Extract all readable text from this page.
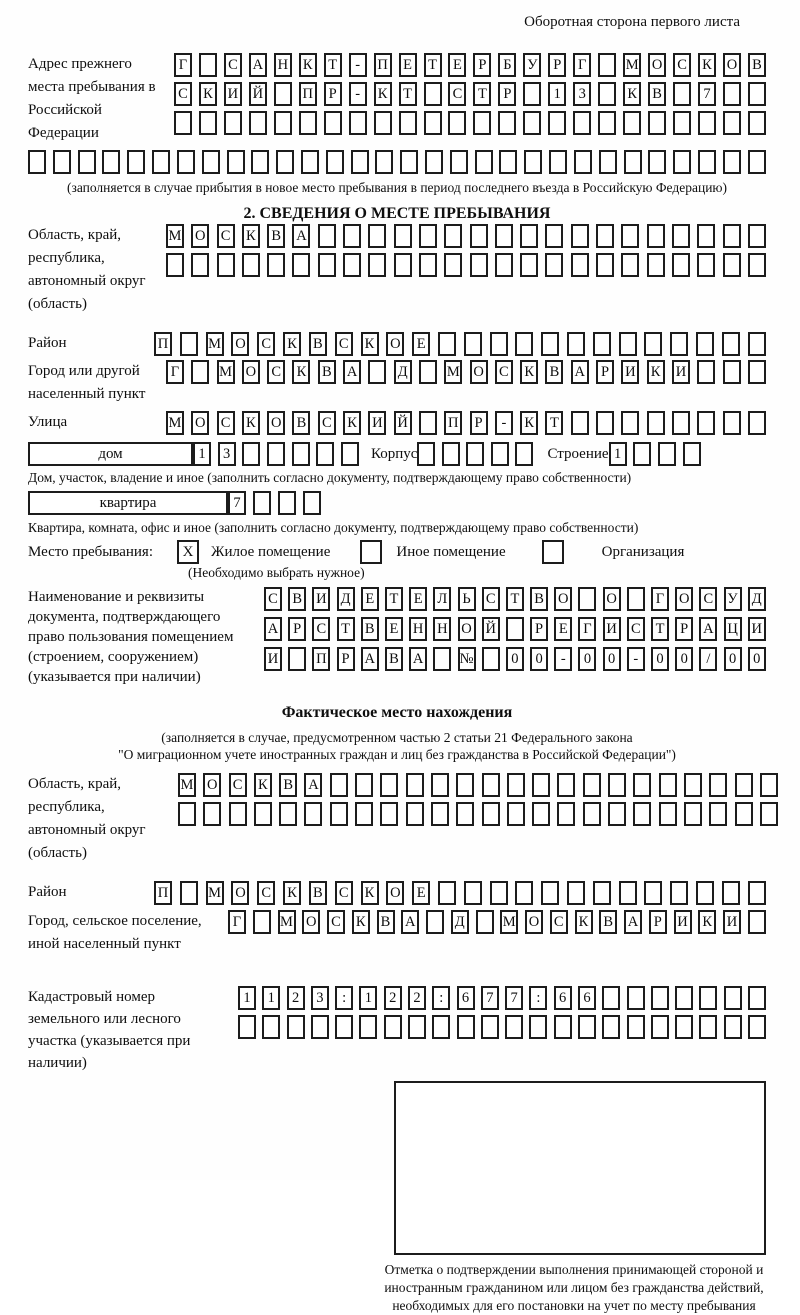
Оборотная сторона первого листа
Адрес прежнего места пребывания в Российской Федерации
Г	С А Н К	Т	-	П	Е	Т	Е	Р	Б	У	Р	Г	М О С К О В
С К И Й	П	Р	-	К	Т	С	Т	Р	1	3	К В	7
(заполняется в случае прибытия в новое место пребывания в период последнего въезда в Российскую Федерацию)
2. СВЕДЕНИЯ О МЕСТЕ ПРЕБЫВАНИЯ
Область, край, республика, автономный округ (область)
М О С К В А
Район	П	М О С К В С К О	Е
Город или другой населенный пункт
Г	М О С К В А	Д	М О С К В А	Р	И К И
Улица	М О С К О В С К И Й	П	Р	-	К	Т
дом	1	3	Корпус	Строение 1
Дом, участок, владение и иное (заполнить согласно документу, подтверждающему право собственности)
квартира	7
Квартира, комната, офис и иное (заполнить согласно документу, подтверждающему право собственности)
Место пребывания:	X	Жилое помещение	Иное помещение	Организация
(Необходимо выбрать нужное)
Наименование и реквизиты документа, подтверждающего право пользования помещением (строением, сооружением) (указывается при наличии)
С В И Д	Е	Т	Е	Л	Ь	С	Т	В О	О	Г	О С У Д
А	Р	С	Т	В	Е	Н Н О Й	Р	Е	Г	И С	Т	Р	А Ц И
И	П	Р	А В А №	0	0	-	0	0	-	0	0	/	0	0
Фактическое место нахождения
(заполняется в случае, предусмотренном частью 2 статьи 21 Федерального закона
"О миграционном учете иностранных граждан и лиц без гражданства в Российской Федерации")
Область, край, республика, автономный округ (область)
М О С К В А
Район	П	М О С К В С К О	Е
Город, сельское поселение, иной населенный пункт
Г	М О С К В А	Д	М О С К В А	Р	И К И
Кадастровый номер земельного или лесного участка (указывается при наличии)
1	1	2	3	:	1	2	2	:	6	7	7	:	6	6
Отметка о подтверждении выполнения принимающей стороной и иностранным гражданином или лицом без гражданства действий, необходимых для его постановки на учет по месту пребывания
